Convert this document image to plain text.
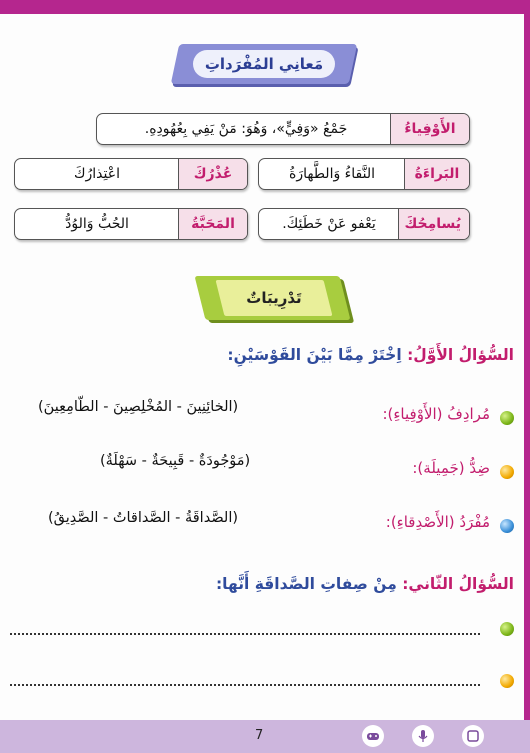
مَعانِي المُفْرَداتِ
الأَوْفِياءُ
جَمْعُ «وَفِيٍّ»، وَهُوَ: مَنْ يَفِي بِعُهُودِهِ.
البَراءَةُ
النَّقاءُ وَالطَّهارَةُ
عُذْرُكَ
اعْتِذارُكَ
يُسامِحُكَ
يَعْفو عَنْ خَطَئِكَ.
المَحَبَّةُ
الحُبُّ وَالوُدُّ
تَدْرِيبَاتٌ
السُّؤالُ الأَوَّلُ: اِخْتَرْ مِمَّا بَيْنَ القَوْسَيْنِ:
مُرادِفُ (الأَوْفِياءِ):
(الخائِنِينَ - المُخْلِصِينَ - الطّامِعِينَ)
ضِدُّ (جَمِيلَة):
(مَوْجُودَةٌ - قَبِيحَةٌ - سَهْلَةٌ)
مُفْرَدُ (الأَصْدِقاءِ):
(الصَّداقَةُ - الصَّداقاتُ - الصَّدِيقُ)
السُّؤالُ الثّاني: مِنْ صِفاتِ الصَّداقَةِ أَنَّها:
7
